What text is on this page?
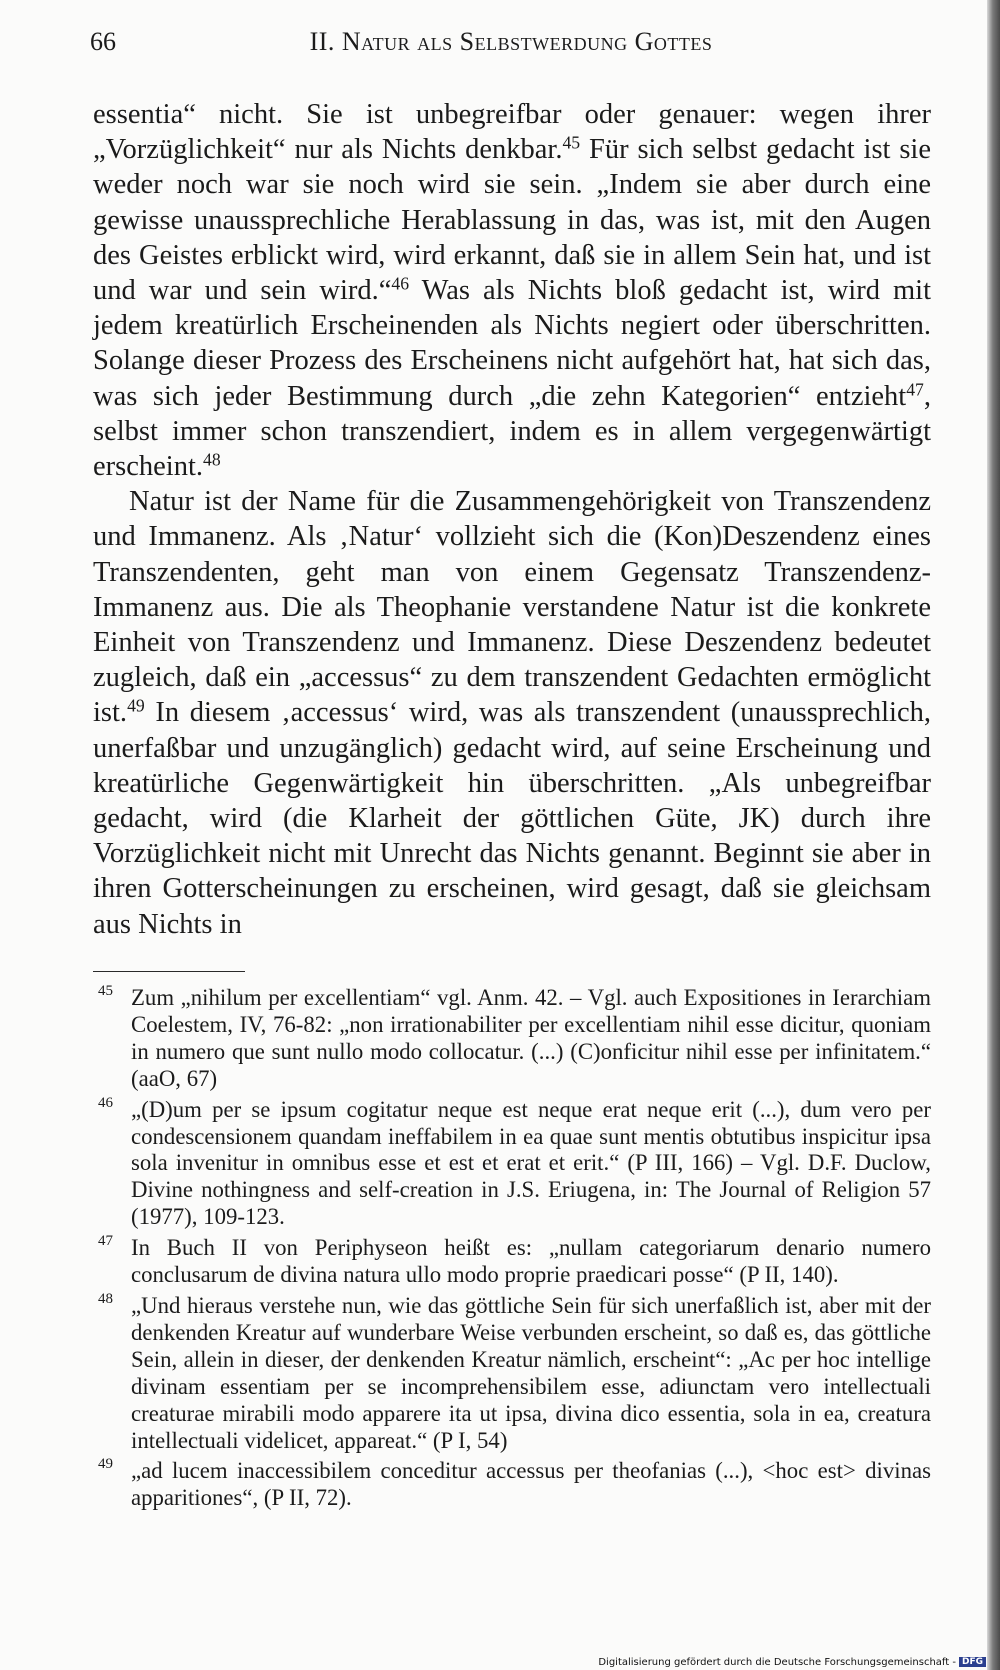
66	II. Natur als Selbstwerdung Gottes

essentia“ nicht. Sie ist unbegreifbar oder genauer: wegen ihrer „Vorzüglichkeit“ nur als Nichts denkbar.$^{45}$ Für sich selbst gedacht ist sie weder noch war sie noch wird sie sein. „Indem sie aber durch eine gewisse unaussprechliche Herablassung in das, was ist, mit den Augen des Geistes erblickt wird, wird erkannt, daß sie in allem Sein hat, und ist und war und sein wird.“$^{46}$ Was als Nichts bloß gedacht ist, wird mit jedem kreatürlich Erscheinenden als Nichts negiert oder überschritten. Solange dieser Prozess des Erscheinens nicht aufgehört hat, hat sich das, was sich jeder Bestimmung durch „die zehn Kategorien“ entzieht$^{47}$, selbst immer schon transzendiert, indem es in allem vergegenwärtigt erscheint.$^{48}$

Natur ist der Name für die Zusammengehörigkeit von Transzendenz und Immanenz. Als ‚Natur‘ vollzieht sich die (Kon)Deszendenz eines Transzendenten, geht man von einem Gegensatz Transzendenz-Immanenz aus. Die als Theophanie verstandene Natur ist die konkrete Einheit von Transzendenz und Immanenz. Diese Deszendenz bedeutet zugleich, daß ein „accessus“ zu dem transzendent Gedachten ermöglicht ist.$^{49}$ In diesem ‚accessus‘ wird, was als transzendent (unaussprechlich, unerfaßbar und unzugänglich) gedacht wird, auf seine Erscheinung und kreatürliche Gegenwärtigkeit hin überschritten. „Als unbegreifbar gedacht, wird (die Klarheit der göttlichen Güte, JK) durch ihre Vorzüglichkeit nicht mit Unrecht das Nichts genannt. Beginnt sie aber in ihren Gotterscheinungen zu erscheinen, wird gesagt, daß sie gleichsam aus Nichts in

45 Zum „nihilum per excellentiam“ vgl. Anm. 42. – Vgl. auch Expositiones in Ierarchiam Coelestem, IV, 76-82: „non irrationabiliter per excellentiam nihil esse dicitur, quoniam in numero que sunt nullo modo collocatur. (...) (C)onficitur nihil esse per infinitatem.“ (aaO, 67)

46 „(D)um per se ipsum cogitatur neque est neque erat neque erit (...), dum vero per condescensionem quandam ineffabilem in ea quae sunt mentis obtutibus inspicitur ipsa sola invenitur in omnibus esse et est et erat et erit.“ (P III, 166) – Vgl. D.F. Duclow, Divine nothingness and self-creation in J.S. Eriugena, in: The Journal of Religion 57 (1977), 109-123.

47 In Buch II von Periphyseon heißt es: „nullam categoriarum denario numero conclusarum de divina natura ullo modo proprie praedicari posse“ (P II, 140).

48 „Und hieraus verstehe nun, wie das göttliche Sein für sich unerfaßlich ist, aber mit der denkenden Kreatur auf wunderbare Weise verbunden erscheint, so daß es, das göttliche Sein, allein in dieser, der denkenden Kreatur nämlich, erscheint“: „Ac per hoc intellige divinam essentiam per se incomprehensibilem esse, adiunctam vero intellectuali creaturae mirabili modo apparere ita ut ipsa, divina dico essentia, sola in ea, creatura intellectuali videlicet, appareat.“ (P I, 54)

49 „ad lucem inaccessibilem conceditur accessus per theofanias (...), <hoc est> divinas apparitiones“, (P II, 72).

Digitalisierung gefördert durch die Deutsche Forschungsgemeinschaft - DFG
